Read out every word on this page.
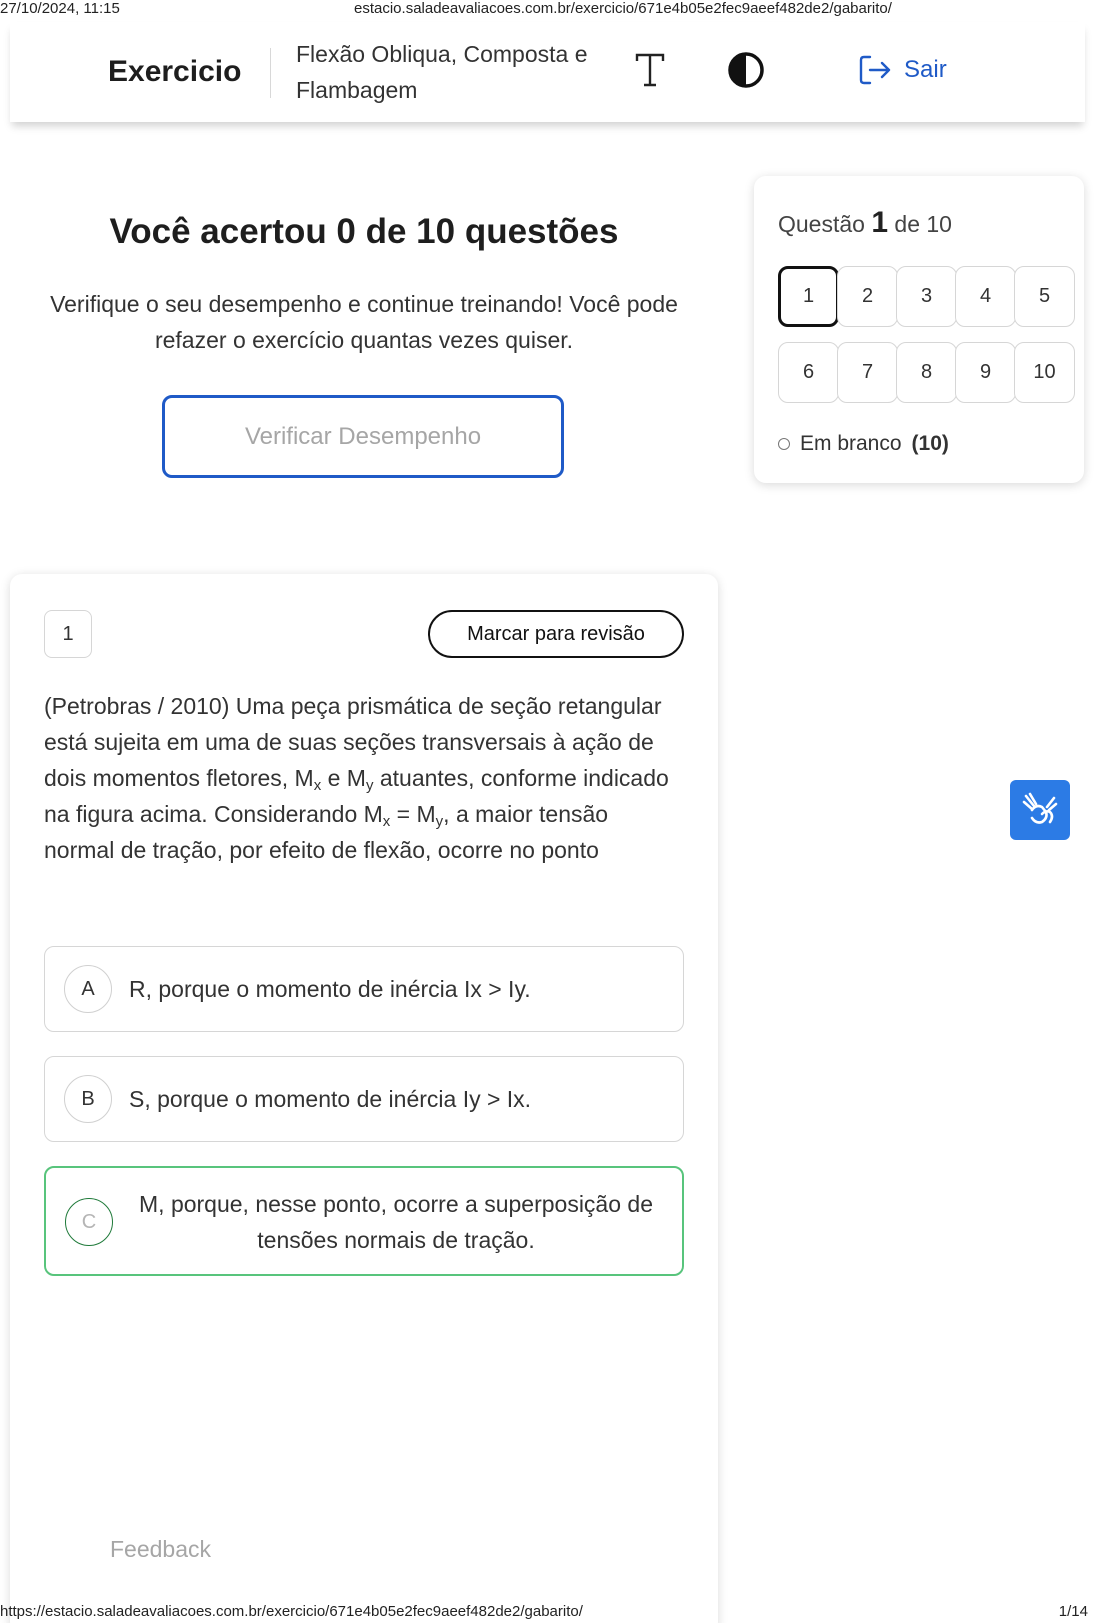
27/10/2024, 11:15	estacio.saladeavaliacoes.com.br/exercicio/671e4b05e2fec9aeef482de2/gabarito/
Exercicio
Flexão Obliqua, Composta e Flambagem
Sair
Você acertou 0 de 10 questões
Verifique o seu desempenho e continue treinando! Você pode refazer o exercício quantas vezes quiser.
Verificar Desempenho
Questão 1 de 10
1	2	3	4	5
6	7	8	9	10
Em branco (10)
1	Marcar para revisão
(Petrobras / 2010) Uma peça prismática de seção retangular está sujeita em uma de suas seções transversais à ação de dois momentos fletores, $M_x$ e $M_y$ atuantes, conforme indicado na figura acima. Considerando $M_x = M_y$, a maior tensão normal de tração, por efeito de flexão, ocorre no ponto
A	R, porque o momento de inércia Ix > Iy.
B	S, porque o momento de inércia Iy > Ix.
C
M, porque, nesse ponto, ocorre a superposição de tensões normais de tração.
Feedback
https://estacio.saladeavaliacoes.com.br/exercicio/671e4b05e2fec9aeef482de2/gabarito/	1/14
